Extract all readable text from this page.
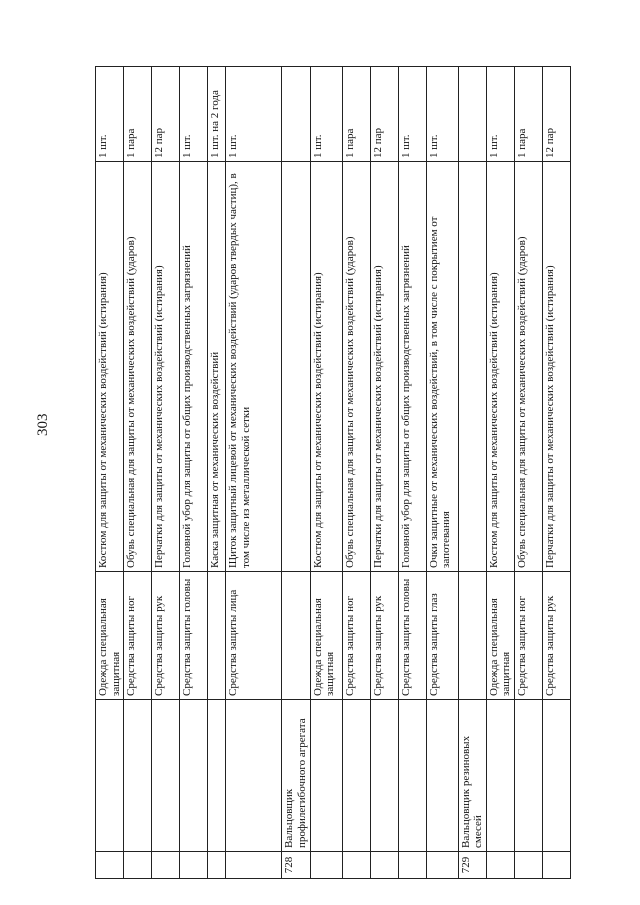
303
		Одежда специальная защитная	Костюм для защиты от механических воздействий (истирания)	1 шт.
		Средства защиты ног	Обувь специальная для защиты от механических воздействий (ударов)	1 пара
		Средства защиты рук	Перчатки для защиты от механических воздействий (истирания)	12 пар
		Средства защиты головы	Головной убор для защиты от общих производственных загрязнений	1 шт.
			Каска защитная от механических воздействий	1 шт. на 2 года
		Средства защиты лица	Щиток защитный лицевой от механических воздействий (ударов твердых частиц), в том числе из металлической сетки	1 шт.
728	Вальцовщик профилегибочного агрегата			
		Одежда специальная защитная	Костюм для защиты от механических воздействий (истирания)	1 шт.
		Средства защиты ног	Обувь специальная для защиты от механических воздействий (ударов)	1 пара
		Средства защиты рук	Перчатки для защиты от механических воздействий (истирания)	12 пар
		Средства защиты головы	Головной убор для защиты от общих производственных загрязнений	1 шт.
		Средства защиты глаз	Очки защитные от механических воздействий, в том числе с покрытием от запотевания	1 шт.
729	Вальцовщик резиновых смесей			
		Одежда специальная защитная	Костюм для защиты от механических воздействий (истирания)	1 шт.
		Средства защиты ног	Обувь специальная для защиты от механических воздействий (ударов)	1 пара
		Средства защиты рук	Перчатки для защиты от механических воздействий (истирания)	12 пар
